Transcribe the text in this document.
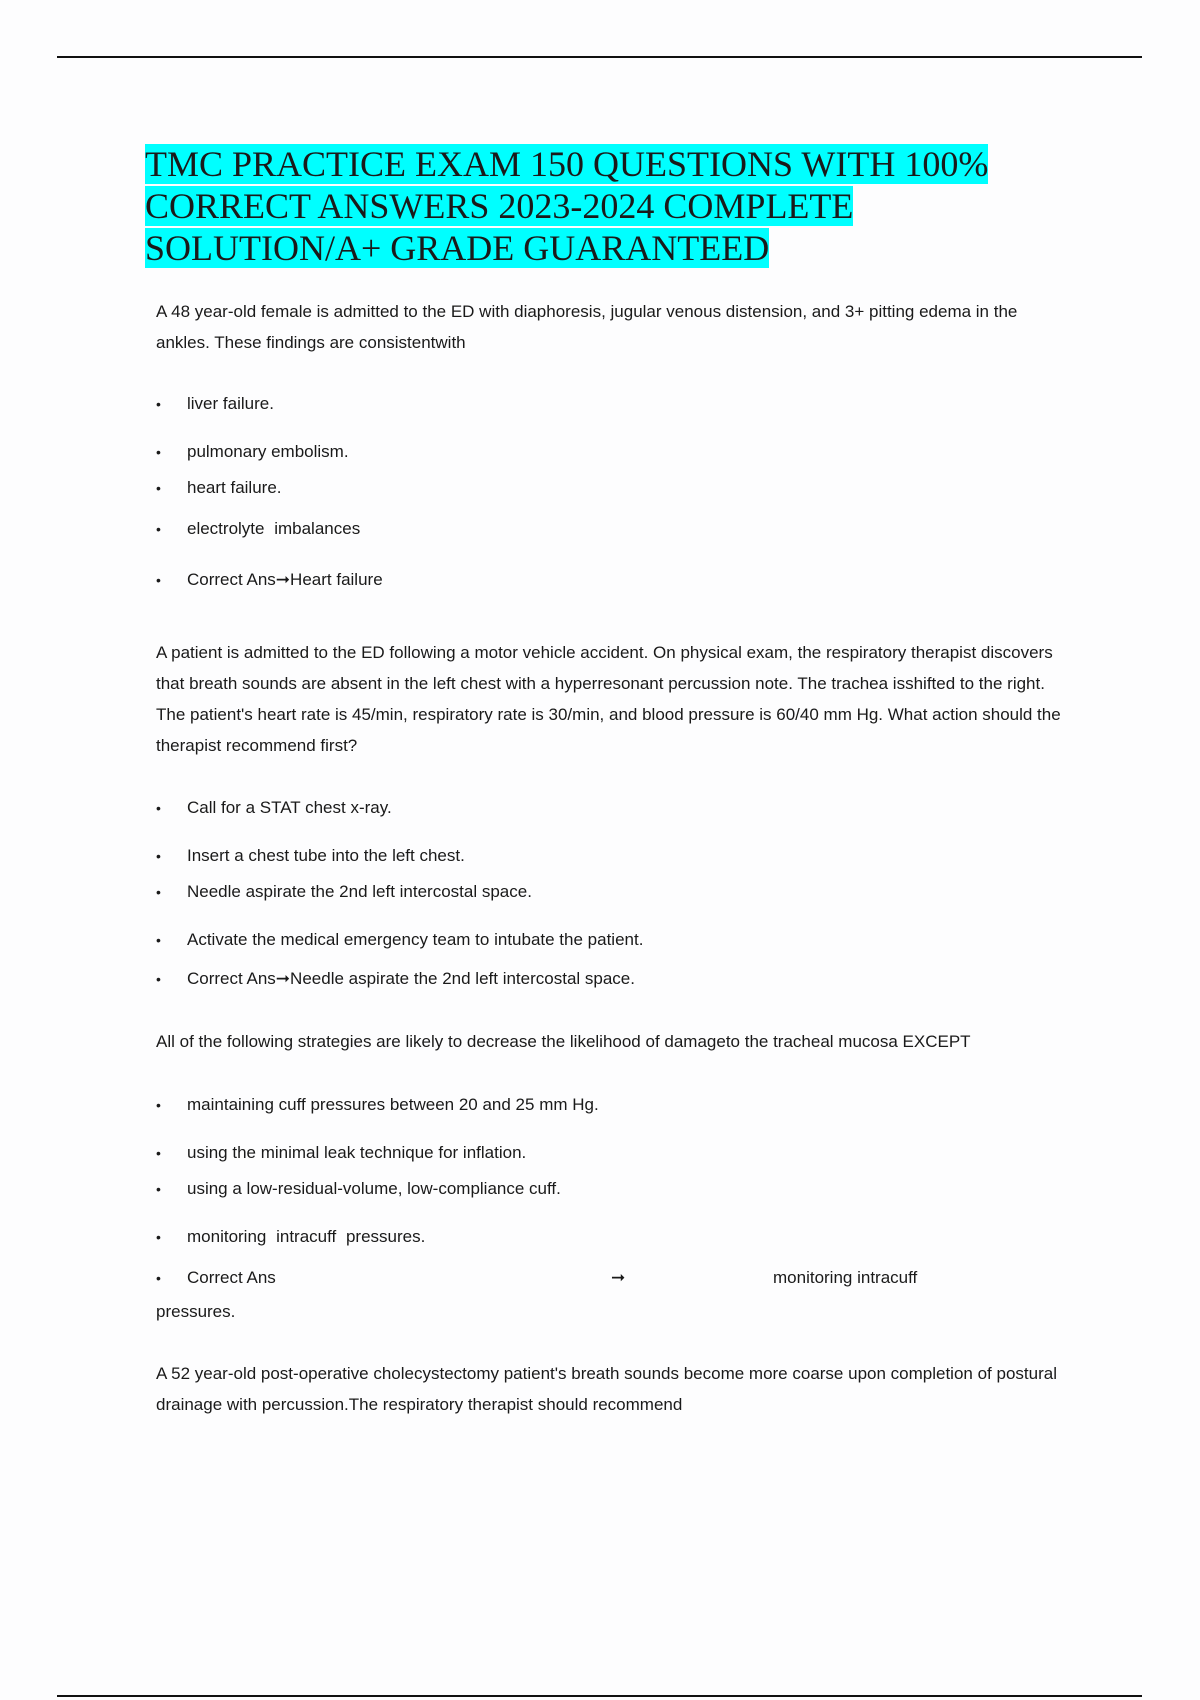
TMC PRACTICE EXAM 150 QUESTIONS WITH 100% CORRECT ANSWERS 2023-2024 COMPLETE SOLUTION/A+ GRADE GUARANTEED

A 48 year-old female is admitted to the ED with diaphoresis, jugular venous distension, and 3+ pitting edema in the ankles. These findings are consistentwith

• liver failure.

• pulmonary embolism.

• heart failure.

• electrolyte imbalances

• Correct Ans➞Heart failure

A patient is admitted to the ED following a motor vehicle accident. On physical exam, the respiratory therapist discovers that breath sounds are absent in the left chest with a hyperresonant percussion note. The trachea isshifted to the right. The patient's heart rate is 45/min, respiratory rate is 30/min, and blood pressure is 60/40 mm Hg. What action should the therapist recommend first?

• Call for a STAT chest x-ray.

• Insert a chest tube into the left chest.

• Needle aspirate the 2nd left intercostal space.

• Activate the medical emergency team to intubate the patient.

• Correct Ans➞Needle aspirate the 2nd left intercostal space.

All of the following strategies are likely to decrease the likelihood of damageto the tracheal mucosa EXCEPT

• maintaining cuff pressures between 20 and 25 mm Hg.

• using the minimal leak technique for inflation.

• using a low-residual-volume, low-compliance cuff.

• monitoring intracuff pressures.

• Correct Ans	➞	monitoring intracuff

pressures.

A 52 year-old post-operative cholecystectomy patient's breath sounds become more coarse upon completion of postural drainage with percussion.The respiratory therapist should recommend
